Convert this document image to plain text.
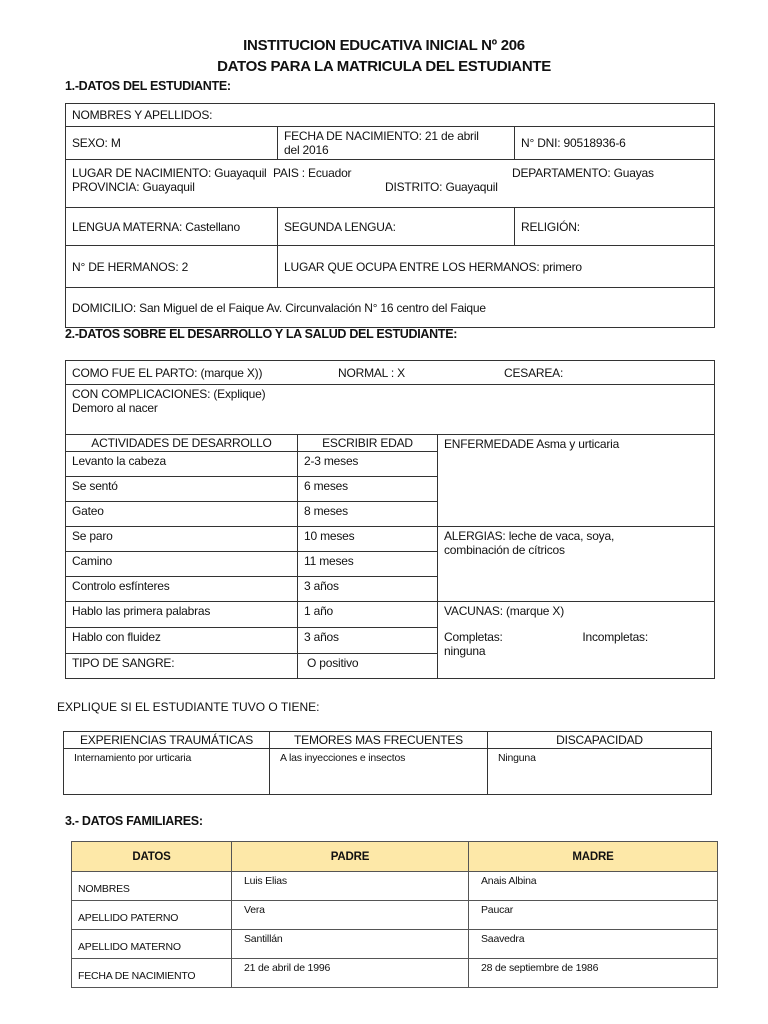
INSTITUCION EDUCATIVA INICIAL Nº 206
DATOS PARA LA MATRICULA DEL ESTUDIANTE
1.-DATOS DEL ESTUDIANTE:
NOMBRES Y APELLIDOS:		
SEXO: M	FECHA DE NACIMIENTO: 21 de abril
del 2016	N° DNI: 90518936-6

LUGAR DE NACIMIENTO: Guayaquil PAIS : Ecuador DEPARTAMENTO: Guayas
PROVINCIA: Guayaquil DISTRITO: Guayaquil		

LENGUA MATERNA: Castellano	SEGUNDA LENGUA:	RELIGIÓN:
N° DE HERMANOS: 2	LUGAR QUE OCUPA ENTRE LOS HERMANOS: primero	
DOMICILIO: San Miguel de el Faique Av. Circunvalación N° 16 centro del Faique		
2.-DATOS SOBRE EL DESARROLLO Y LA SALUD DEL ESTUDIANTE:
COMO FUE EL PARTO: (marque X))	NORMAL : X	CESAREA:

CON COMPLICACIONES: (Explique)
Demoro al nacer
ACTIVIDADES DE DESARROLLO	ESCRIBIR EDAD	ENFERMEDADE Asma y urticaria
Levanto la cabeza	2-3 meses	
Se sentó	6 meses	
Gateo	8 meses	
Se paro	10 meses	ALERGIAS: leche de vaca, soya,
combinación de cítricos

Camino	11 meses	
Controlo esfínteres	3 años	
Hablo las primera palabras	1 año	VACUNAS: (marque X)
Completas: Incompletas:
ninguna

Hablo con fluidez	3 años	
TIPO DE SANGRE:	O positivo	
EXPLIQUE SI EL ESTUDIANTE TUVO O TIENE:
EXPERIENCIAS TRAUMÁTICAS	TEMORES MAS FRECUENTES	DISCAPACIDAD
Internamiento por urticaria	A las inyecciones e insectos	Ninguna
3.- DATOS FAMILIARES:
DATOS	PADRE	MADRE
NOMBRES	Luis Elias	Anais Albina
APELLIDO PATERNO	Vera	Paucar
APELLIDO MATERNO	Santillán	Saavedra
FECHA DE NACIMIENTO	21 de abril de 1996	28 de septiembre de 1986
